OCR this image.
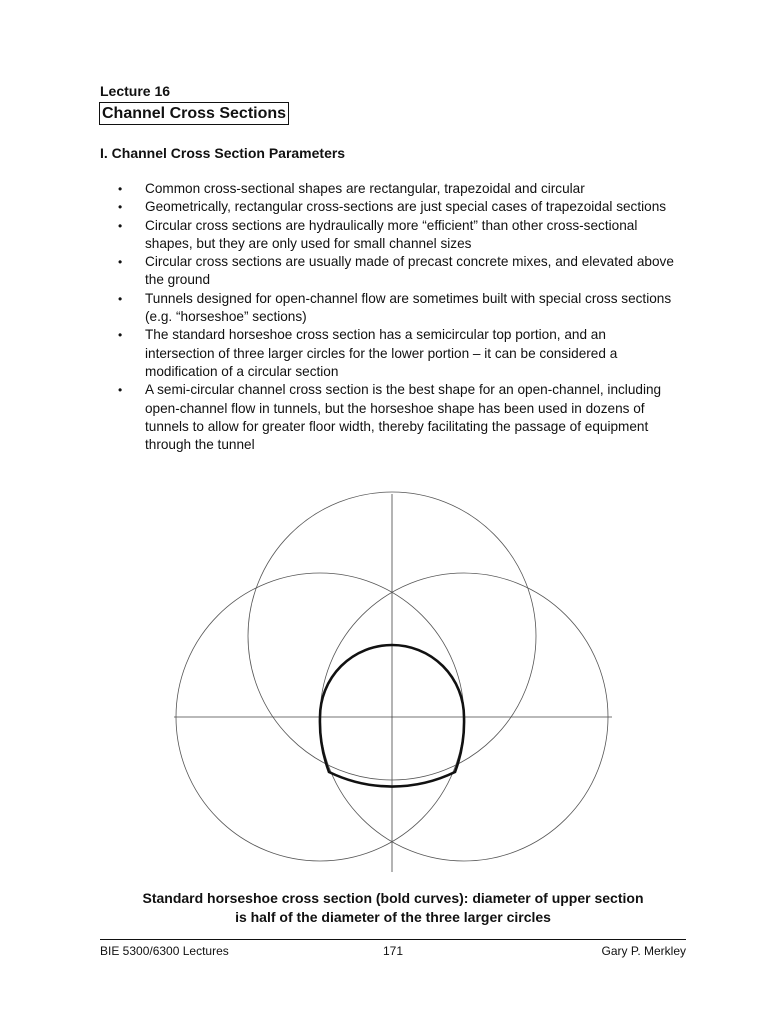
Lecture 16
Channel Cross Sections
I. Channel Cross Section Parameters
• Common cross-sectional shapes are rectangular, trapezoidal and circular
• Geometrically, rectangular cross-sections are just special cases of trapezoidal sections
• Circular cross sections are hydraulically more “efficient” than other cross-sectional shapes, but they are only used for small channel sizes
• Circular cross sections are usually made of precast concrete mixes, and elevated above the ground
• Tunnels designed for open-channel flow are sometimes built with special cross sections (e.g. “horseshoe” sections)
• The standard horseshoe cross section has a semicircular top portion, and an intersection of three larger circles for the lower portion – it can be considered a modification of a circular section
• A semi-circular channel cross section is the best shape for an open-channel, including open-channel flow in tunnels, but the horseshoe shape has been used in dozens of tunnels to allow for greater floor width, thereby facilitating the passage of equipment through the tunnel
Standard horseshoe cross section (bold curves): diameter of upper section
is half of the diameter of the three larger circles
BIE 5300/6300 Lectures	171	Gary P. Merkley
